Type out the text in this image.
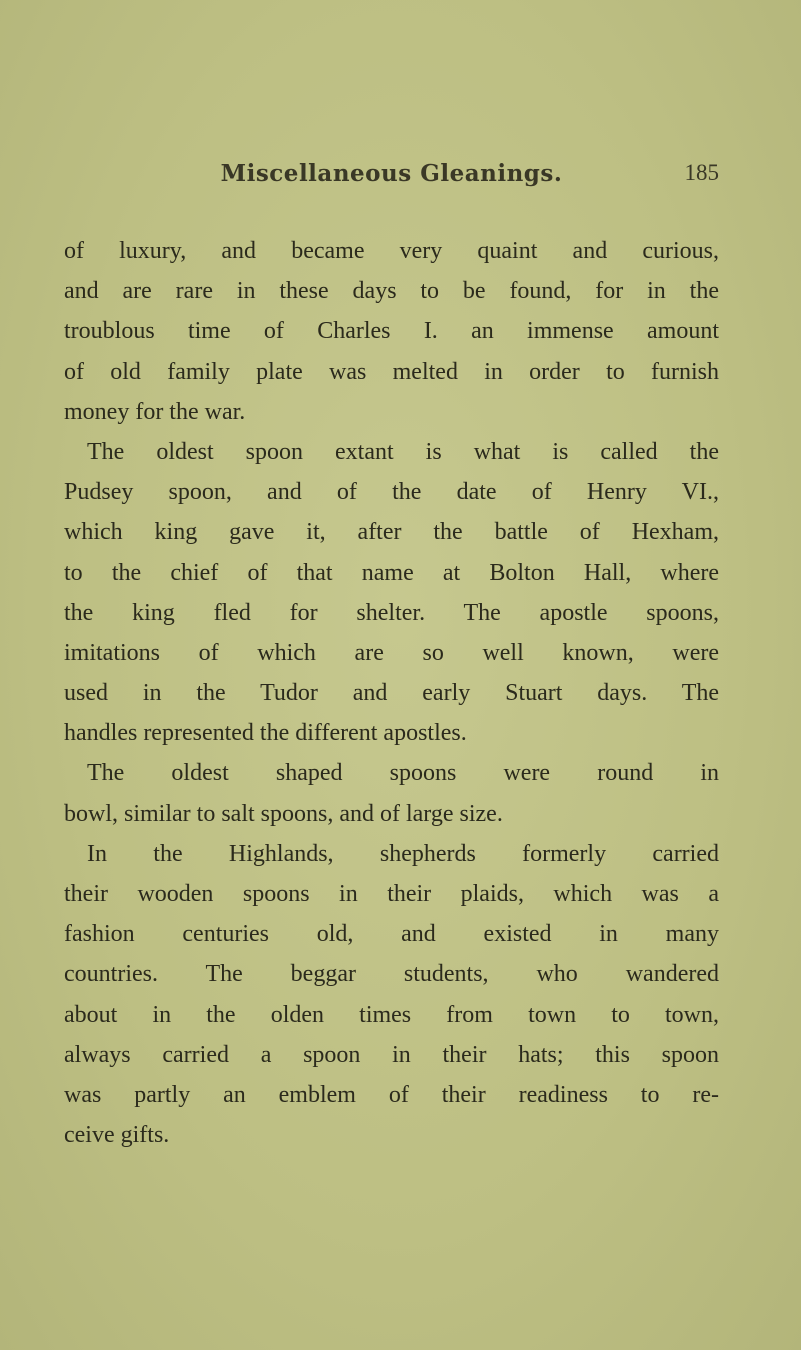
Miscellaneous Gleanings.	185
of luxury, and became very quaint and curious,
and are rare in these days to be found, for in the
troublous time of Charles I. an immense amount
of old family plate was melted in order to furnish
money for the war.
The oldest spoon extant is what is called the
Pudsey spoon, and of the date of Henry VI.,
which king gave it, after the battle of Hexham,
to the chief of that name at Bolton Hall, where
the king fled for shelter. The apostle spoons,
imitations of which are so well known, were
used in the Tudor and early Stuart days. The
handles represented the different apostles.
The oldest shaped spoons were round in
bowl, similar to salt spoons, and of large size.
In the Highlands, shepherds formerly carried
their wooden spoons in their plaids, which was a
fashion centuries old, and existed in many
countries. The beggar students, who wandered
about in the olden times from town to town,
always carried a spoon in their hats; this spoon
was partly an emblem of their readiness to re-
ceive gifts.
